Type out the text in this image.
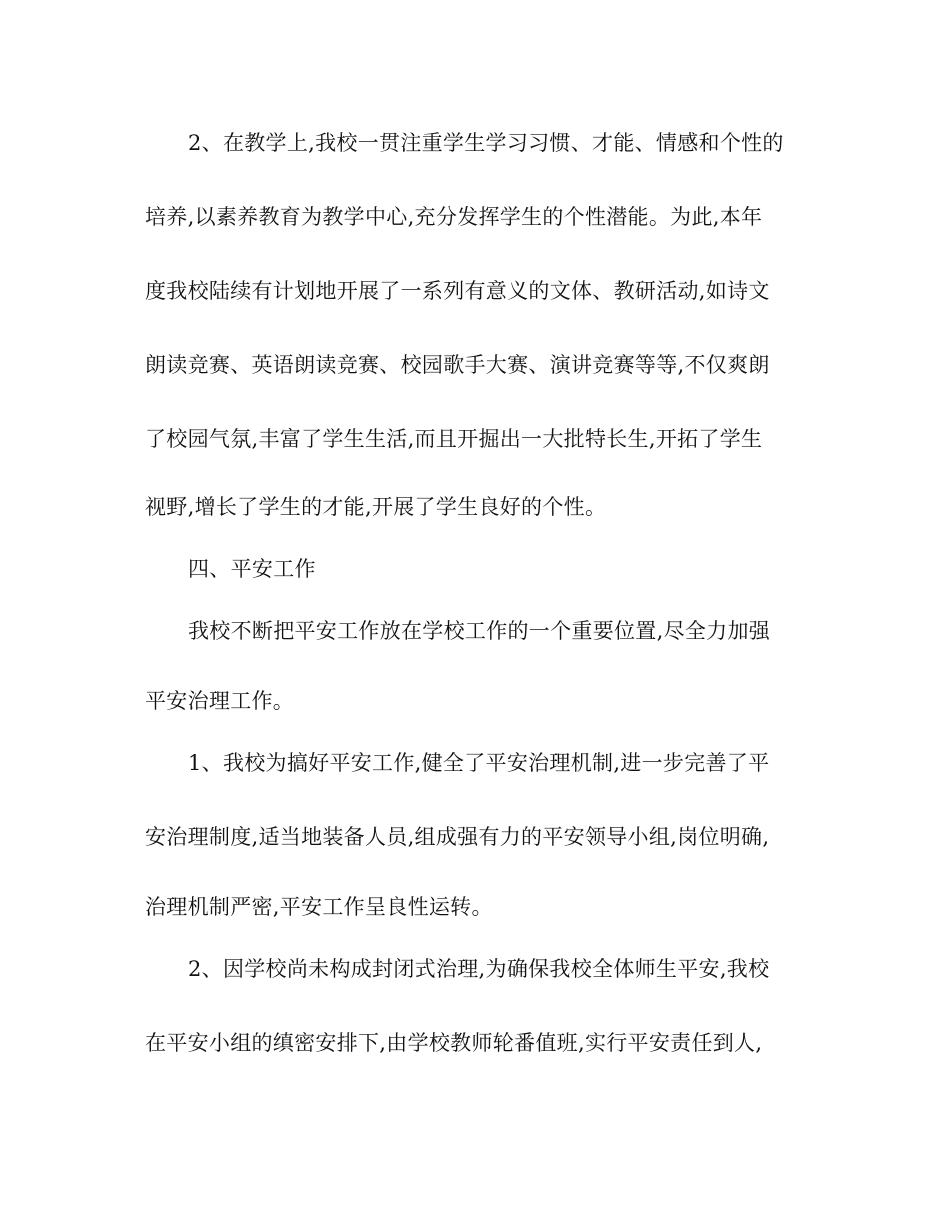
2、在教学上,我校一贯注重学生学习习惯、才能、情感和个性的
培养,以素养教育为教学中心,充分发挥学生的个性潜能。为此,本年
度我校陆续有计划地开展了一系列有意义的文体、教研活动,如诗文
朗读竞赛、英语朗读竞赛、校园歌手大赛、演讲竞赛等等,不仅爽朗
了校园气氛,丰富了学生生活,而且开掘出一大批特长生,开拓了学生
视野,增长了学生的才能,开展了学生良好的个性。
四、平安工作
我校不断把平安工作放在学校工作的一个重要位置,尽全力加强
平安治理工作。
1、我校为搞好平安工作,健全了平安治理机制,进一步完善了平
安治理制度,适当地装备人员,组成强有力的平安领导小组,岗位明确,
治理机制严密,平安工作呈良性运转。
2、因学校尚未构成封闭式治理,为确保我校全体师生平安,我校
在平安小组的缜密安排下,由学校教师轮番值班,实行平安责任到人,
